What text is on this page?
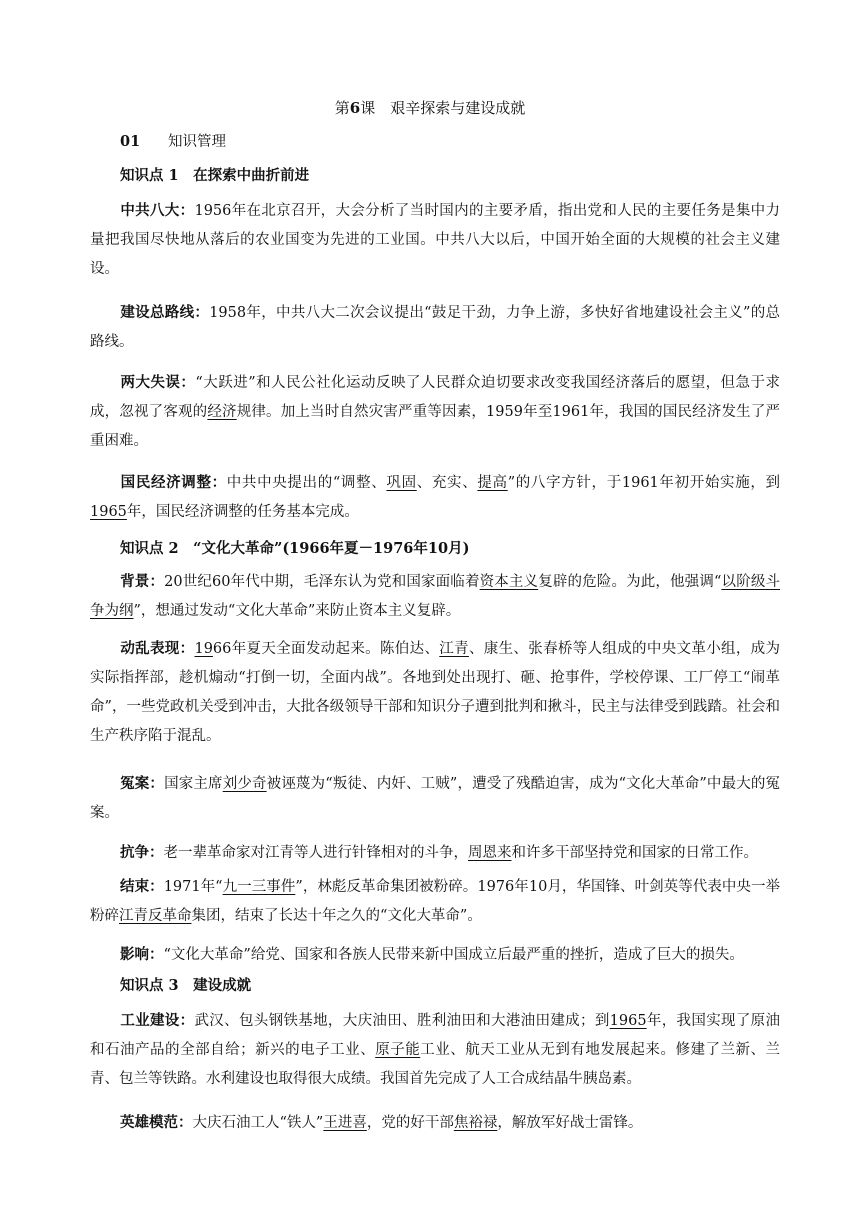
第6课　艰辛探索与建设成就
01 知识管理
知识点 1　在探索中曲折前进
中共八大：1956年在北京召开，大会分析了当时国内的主要矛盾，指出党和人民的主要任务是集中力量把我国尽快地从落后的农业国变为先进的工业国。中共八大以后，中国开始全面的大规模的社会主义建设。
建设总路线：1958年，中共八大二次会议提出“鼓足干劲，力争上游，多快好省地建设社会主义”的总路线。
两大失误：“大跃进”和人民公社化运动反映了人民群众迫切要求改变我国经济落后的愿望，但急于求成，忽视了客观的经济规律。加上当时自然灾害严重等因素，1959年至1961年，我国的国民经济发生了严重困难。
国民经济调整：中共中央提出的“调整、巩固、充实、提高”的八字方针，于1961年初开始实施，到1965年，国民经济调整的任务基本完成。
知识点 2　“文化大革命”(1966年夏－1976年10月)
背景：20世纪60年代中期，毛泽东认为党和国家面临着资本主义复辟的危险。为此，他强调“以阶级斗争为纲”，想通过发动“文化大革命”来防止资本主义复辟。
动乱表现：1966年夏天全面发动起来。陈伯达、江青、康生、张春桥等人组成的中央文革小组，成为实际指挥部，趁机煽动“打倒一切，全面内战”。各地到处出现打、砸、抢事件，学校停课、工厂停工“闹革命”，一些党政机关受到冲击，大批各级领导干部和知识分子遭到批判和揪斗，民主与法律受到践踏。社会和生产秩序陷于混乱。
冤案：国家主席刘少奇被诬蔑为“叛徒、内奸、工贼”，遭受了残酷迫害，成为“文化大革命”中最大的冤案。
抗争：老一辈革命家对江青等人进行针锋相对的斗争，周恩来和许多干部坚持党和国家的日常工作。
结束：1971年“九一三事件”，林彪反革命集团被粉碎。1976年10月，华国锋、叶剑英等代表中央一举粉碎江青反革命集团，结束了长达十年之久的“文化大革命”。
影响：“文化大革命”给党、国家和各族人民带来新中国成立后最严重的挫折，造成了巨大的损失。
知识点 3　建设成就
工业建设：武汉、包头钢铁基地，大庆油田、胜利油田和大港油田建成；到1965年，我国实现了原油和石油产品的全部自给；新兴的电子工业、原子能工业、航天工业从无到有地发展起来。修建了兰新、兰青、包兰等铁路。水利建设也取得很大成绩。我国首先完成了人工合成结晶牛胰岛素。
英雄模范：大庆石油工人“铁人”王进喜，党的好干部焦裕禄，解放军好战士雷锋。
